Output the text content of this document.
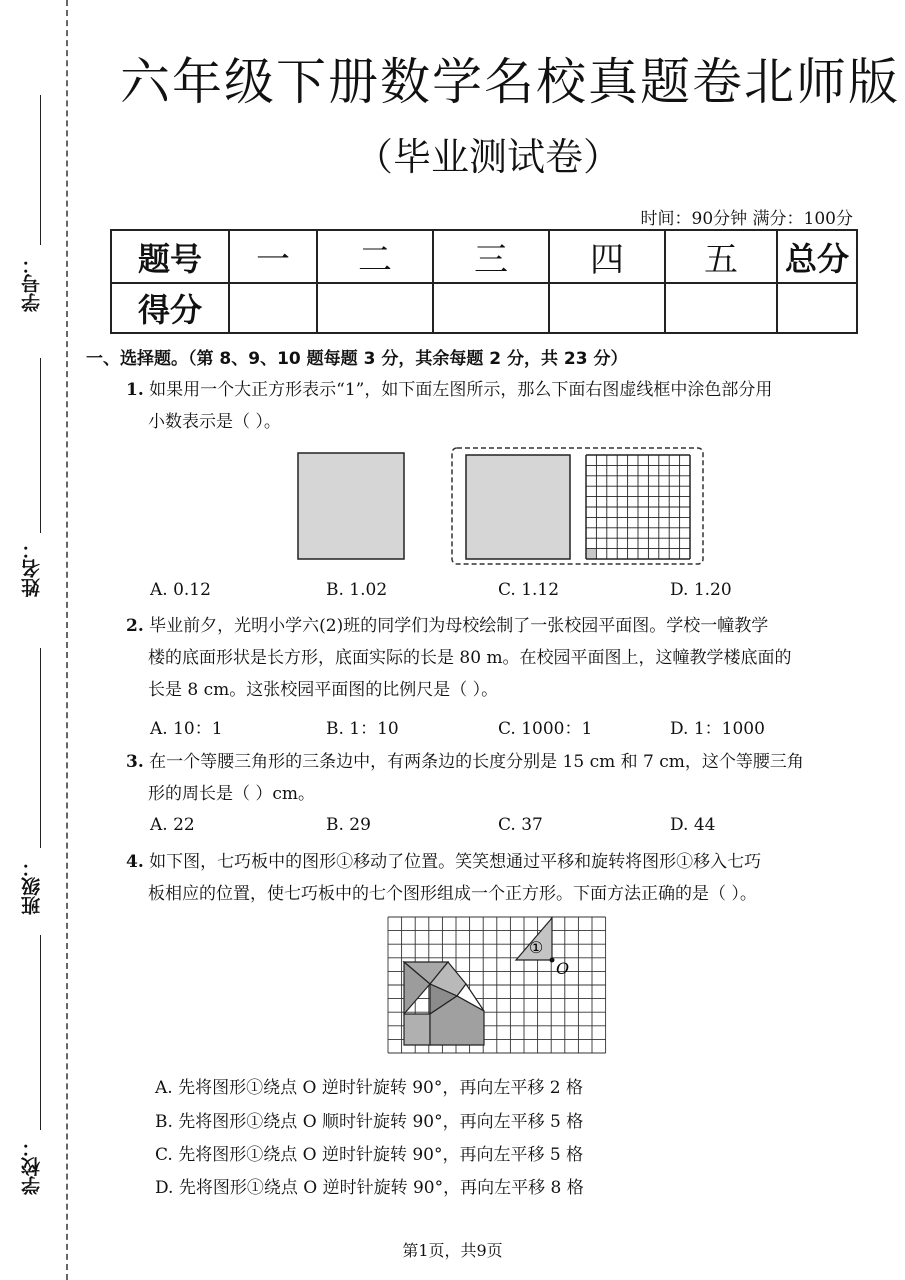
学号：
姓名：
班级：
学校：
六年级下册数学名校真题卷北师版
（毕业测试卷）
时间：90分钟 满分：100分
题号	一	二	三	四	五	总分
得分						
一、选择题。（第 8、9、10 题每题 3 分，其余每题 2 分，共 23 分）
1. 如果用一个大正方形表示“1”，如下面左图所示，那么下面右图虚线框中涂色部分用
小数表示是（ ）。
A. 0.12	B. 1.02	C. 1.12	D. 1.20
2. 毕业前夕，光明小学六(2)班的同学们为母校绘制了一张校园平面图。学校一幢教学
楼的底面形状是长方形，底面实际的长是 80 m。在校园平面图上，这幢教学楼底面的
长是 8 cm。这张校园平面图的比例尺是（ ）。
A. 10：1	B. 1：10	C. 1000：1	D. 1：1000
3. 在一个等腰三角形的三条边中，有两条边的长度分别是 15 cm 和 7 cm，这个等腰三角
形的周长是（ ）cm。
A. 22	B. 29	C. 37	D. 44
4. 如下图，七巧板中的图形①移动了位置。笑笑想通过平移和旋转将图形①移入七巧
板相应的位置，使七巧板中的七个图形组成一个正方形。下面方法正确的是（ ）。
①
O
A. 先将图形①绕点 O 逆时针旋转 90°，再向左平移 2 格
B. 先将图形①绕点 O 顺时针旋转 90°，再向左平移 5 格
C. 先将图形①绕点 O 逆时针旋转 90°，再向左平移 5 格
D. 先将图形①绕点 O 逆时针旋转 90°，再向左平移 8 格
第1页，共9页
